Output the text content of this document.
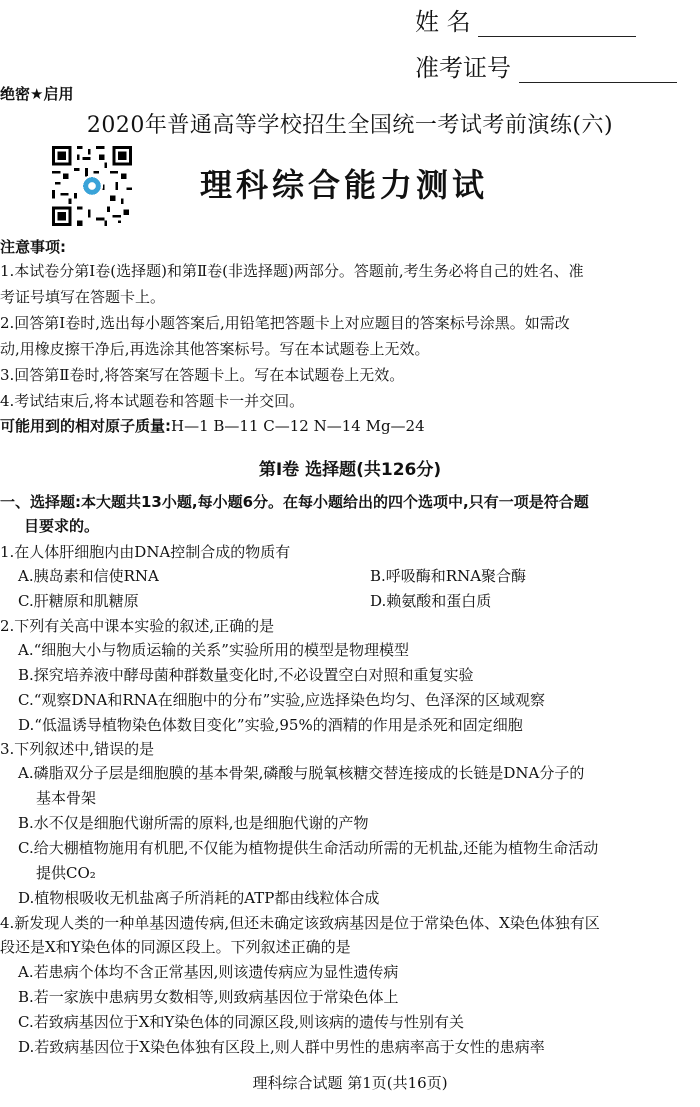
姓 名
准考证号
绝密★启用
2020年普通高等学校招生全国统一考试考前演练(六)
理科综合能力测试
注意事项:
1.本试卷分第Ⅰ卷(选择题)和第Ⅱ卷(非选择题)两部分。答题前,考生务必将自己的姓名、准
考证号填写在答题卡上。
2.回答第Ⅰ卷时,选出每小题答案后,用铅笔把答题卡上对应题目的答案标号涂黑。如需改
动,用橡皮擦干净后,再选涂其他答案标号。写在本试题卷上无效。
3.回答第Ⅱ卷时,将答案写在答题卡上。写在本试题卷上无效。
4.考试结束后,将本试题卷和答题卡一并交回。
可能用到的相对原子质量:H—1 B—11 C—12 N—14 Mg—24
第Ⅰ卷 选择题(共126分)
一、选择题:本大题共13小题,每小题6分。在每小题给出的四个选项中,只有一项是符合题
目要求的。
1.在人体肝细胞内由DNA控制合成的物质有
A.胰岛素和信使RNA	B.呼吸酶和RNA聚合酶
C.肝糖原和肌糖原	D.赖氨酸和蛋白质
2.下列有关高中课本实验的叙述,正确的是
A.“细胞大小与物质运输的关系”实验所用的模型是物理模型
B.探究培养液中酵母菌种群数量变化时,不必设置空白对照和重复实验
C.“观察DNA和RNA在细胞中的分布”实验,应选择染色均匀、色泽深的区域观察
D.“低温诱导植物染色体数目变化”实验,95%的酒精的作用是杀死和固定细胞
3.下列叙述中,错误的是
A.磷脂双分子层是细胞膜的基本骨架,磷酸与脱氧核糖交替连接成的长链是DNA分子的
基本骨架
B.水不仅是细胞代谢所需的原料,也是细胞代谢的产物
C.给大棚植物施用有机肥,不仅能为植物提供生命活动所需的无机盐,还能为植物生命活动
提供CO₂
D.植物根吸收无机盐离子所消耗的ATP都由线粒体合成
4.新发现人类的一种单基因遗传病,但还未确定该致病基因是位于常染色体、X染色体独有区
段还是X和Y染色体的同源区段上。下列叙述正确的是
A.若患病个体均不含正常基因,则该遗传病应为显性遗传病
B.若一家族中患病男女数相等,则致病基因位于常染色体上
C.若致病基因位于X和Y染色体的同源区段,则该病的遗传与性别有关
D.若致病基因位于X染色体独有区段上,则人群中男性的患病率高于女性的患病率
理科综合试题 第1页(共16页)
